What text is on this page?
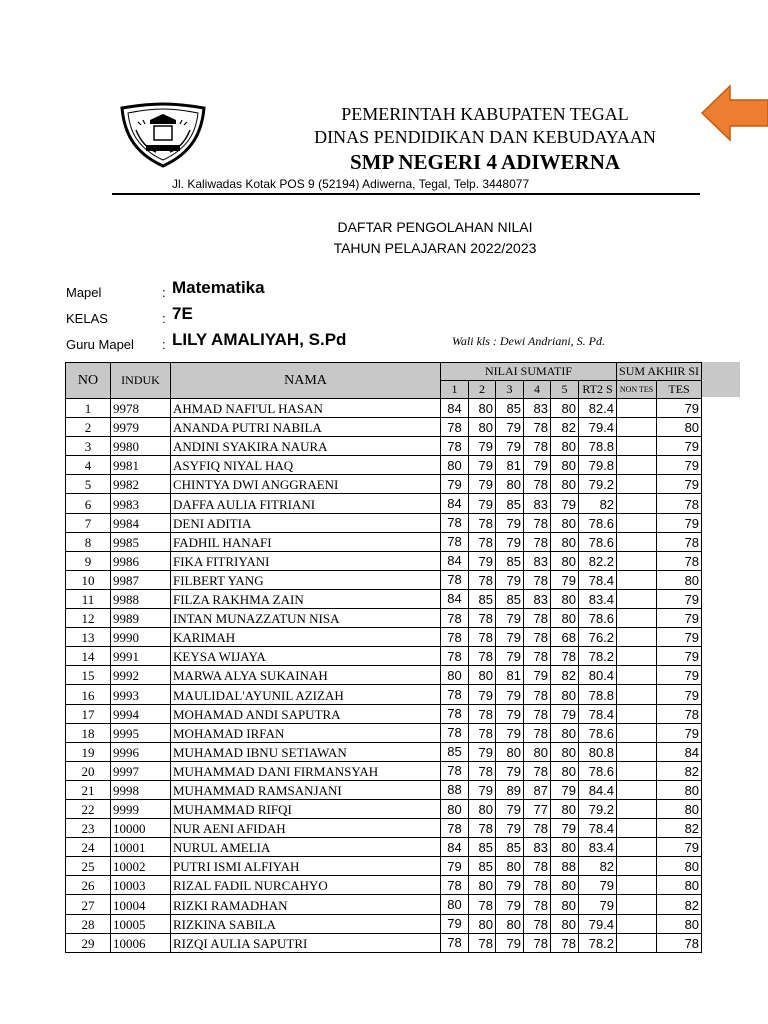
PEMERINTAH KABUPATEN TEGAL
DINAS PENDIDIKAN DAN KEBUDAYAAN
SMP NEGERI 4 ADIWERNA
Jl. Kaliwadas Kotak POS 9 (52194) Adiwerna, Tegal, Telp. 3448077
DAFTAR PENGOLAHAN NILAI
TAHUN PELAJARAN 2022/2023
Mapel	: Matematika
KELAS	: 7E
Guru Mapel : LILY AMALIYAH, S.Pd	Wali kls : Dewi Andriani, S. Pd.
NO	INDUK	NAMA	NILAI SUMATIF						SUM AKHIR SI	
			1	2	3	4	5	RT2 S	NON TES	TES
1	9978	AHMAD NAFI'UL HASAN	84	80	85	83	80	82.4		79
2	9979	ANANDA PUTRI NABILA	78	80	79	78	82	79.4		80
3	9980	ANDINI SYAKIRA NAURA	78	79	79	78	80	78.8		79
4	9981	ASYFIQ NIYAL HAQ	80	79	81	79	80	79.8		79
5	9982	CHINTYA DWI ANGGRAENI	79	79	80	78	80	79.2		79
6	9983	DAFFA AULIA FITRIANI	84	79	85	83	79	82		78
7	9984	DENI ADITIA	78	78	79	78	80	78.6		79
8	9985	FADHIL HANAFI	78	78	79	78	80	78.6		78
9	9986	FIKA FITRIYANI	84	79	85	83	80	82.2		78
10	9987	FILBERT YANG	78	78	79	78	79	78.4		80
11	9988	FILZA RAKHMA ZAIN	84	85	85	83	80	83.4		79
12	9989	INTAN MUNAZZATUN NISA	78	78	79	78	80	78.6		79
13	9990	KARIMAH	78	78	79	78	68	76.2		79
14	9991	KEYSA WIJAYA	78	78	79	78	78	78.2		79
15	9992	MARWA ALYA SUKAINAH	80	80	81	79	82	80.4		79
16	9993	MAULIDAL'AYUNIL AZIZAH	78	79	79	78	80	78.8		79
17	9994	MOHAMAD ANDI SAPUTRA	78	78	79	78	79	78.4		78
18	9995	MOHAMAD IRFAN	78	78	79	78	80	78.6		79
19	9996	MUHAMAD IBNU SETIAWAN	85	79	80	80	80	80.8		84
20	9997	MUHAMMAD DANI FIRMANSYAH	78	78	79	78	80	78.6		82
21	9998	MUHAMMAD RAMSANJANI	88	79	89	87	79	84.4		80
22	9999	MUHAMMAD RIFQI	80	80	79	77	80	79.2		80
23	10000	NUR AENI AFIDAH	78	78	79	78	79	78.4		82
24	10001	NURUL AMELIA	84	85	85	83	80	83.4		79
25	10002	PUTRI ISMI ALFIYAH	79	85	80	78	88	82		80
26	10003	RIZAL FADIL NURCAHYO	78	80	79	78	80	79		80
27	10004	RIZKI RAMADHAN	80	78	79	78	80	79		82
28	10005	RIZKINA SABILA	79	80	80	78	80	79.4		80
29	10006	RIZQI AULIA SAPUTRI	78	78	79	78	78	78.2		78
